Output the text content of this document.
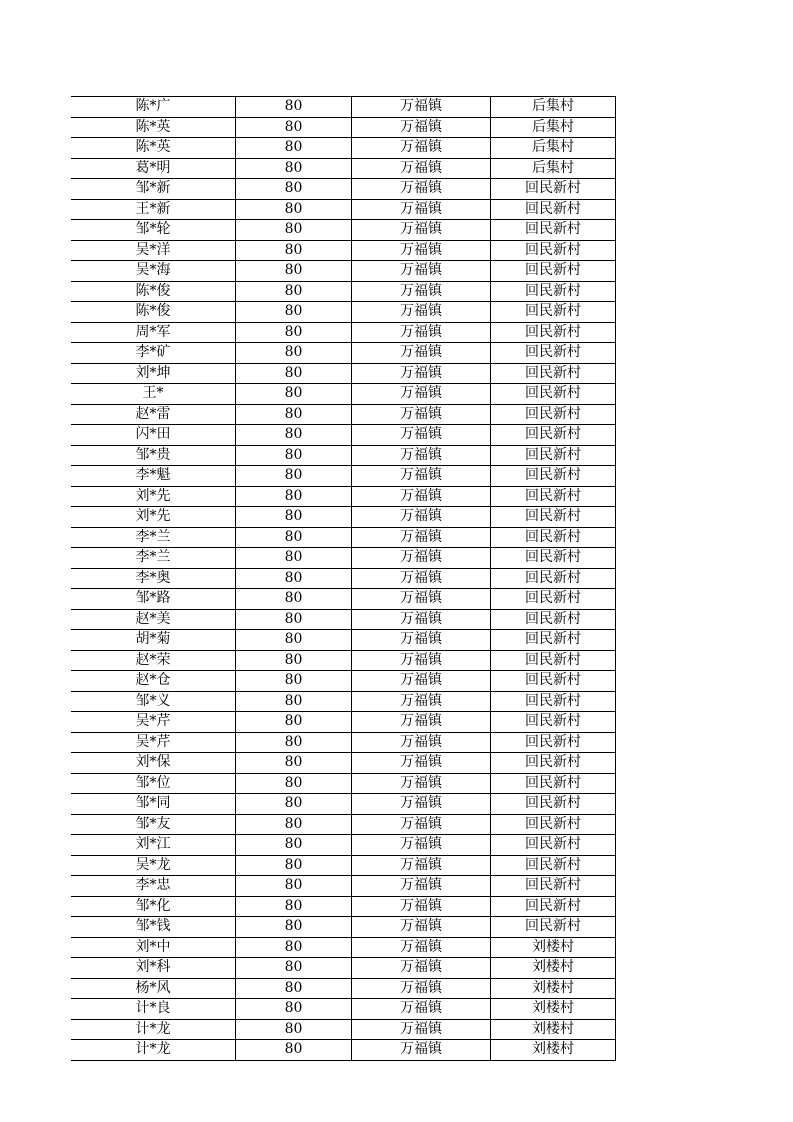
陈*广	80	万福镇	后集村
陈*英	80	万福镇	后集村
陈*英	80	万福镇	后集村
葛*明	80	万福镇	后集村
邹*新	80	万福镇	回民新村
王*新	80	万福镇	回民新村
邹*轮	80	万福镇	回民新村
吴*洋	80	万福镇	回民新村
吴*海	80	万福镇	回民新村
陈*俊	80	万福镇	回民新村
陈*俊	80	万福镇	回民新村
周*军	80	万福镇	回民新村
李*矿	80	万福镇	回民新村
刘*坤	80	万福镇	回民新村
王*	80	万福镇	回民新村
赵*雷	80	万福镇	回民新村
闪*田	80	万福镇	回民新村
邹*贵	80	万福镇	回民新村
李*魁	80	万福镇	回民新村
刘*先	80	万福镇	回民新村
刘*先	80	万福镇	回民新村
李*兰	80	万福镇	回民新村
李*兰	80	万福镇	回民新村
李*奥	80	万福镇	回民新村
邹*路	80	万福镇	回民新村
赵*美	80	万福镇	回民新村
胡*菊	80	万福镇	回民新村
赵*荣	80	万福镇	回民新村
赵*仓	80	万福镇	回民新村
邹*义	80	万福镇	回民新村
吴*芹	80	万福镇	回民新村
吴*芹	80	万福镇	回民新村
刘*保	80	万福镇	回民新村
邹*位	80	万福镇	回民新村
邹*同	80	万福镇	回民新村
邹*友	80	万福镇	回民新村
刘*江	80	万福镇	回民新村
吴*龙	80	万福镇	回民新村
李*忠	80	万福镇	回民新村
邹*化	80	万福镇	回民新村
邹*钱	80	万福镇	回民新村
刘*中	80	万福镇	刘楼村
刘*科	80	万福镇	刘楼村
杨*风	80	万福镇	刘楼村
计*良	80	万福镇	刘楼村
计*龙	80	万福镇	刘楼村
计*龙	80	万福镇	刘楼村
